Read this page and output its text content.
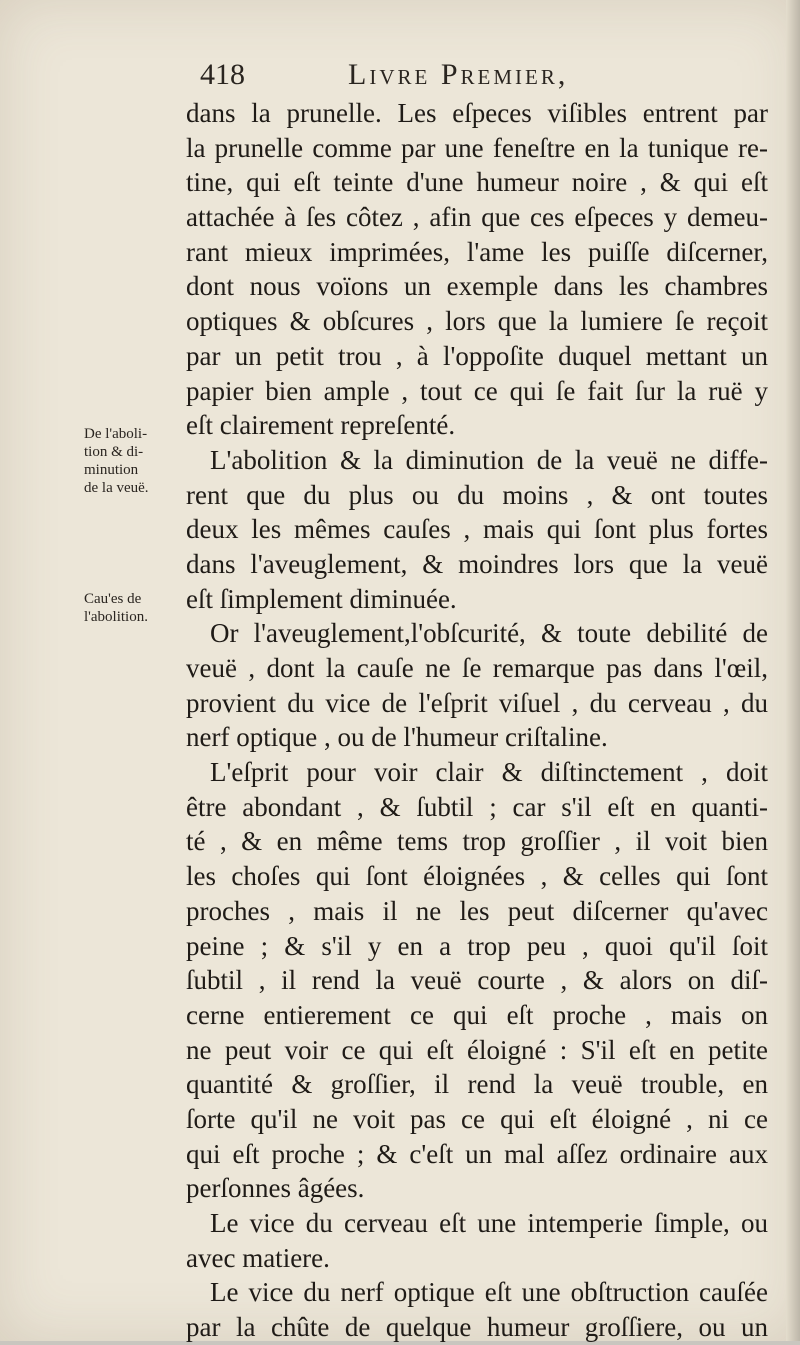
418	Livre Premier,
De l'aboli-
tion & di-
minution
de la veuë.
Cau'es de
l'abolition.
dans la prunelle. Les eſpeces viſibles entrent par
la prunelle comme par une feneſtre en la tunique re-
tine, qui eſt teinte d'une humeur noire , & qui eſt
attachée à ſes côtez , afin que ces eſpeces y demeu-
rant mieux imprimées, l'ame les puiſſe diſcerner,
dont nous voïons un exemple dans les chambres
optiques & obſcures , lors que la lumiere ſe reçoit
par un petit trou , à l'oppoſite duquel mettant un
papier bien ample , tout ce qui ſe fait ſur la ruë y
eſt clairement repreſenté.
L'abolition & la diminution de la veuë ne diffe-
rent que du plus ou du moins , & ont toutes
deux les mêmes cauſes , mais qui ſont plus fortes
dans l'aveuglement, & moindres lors que la veuë
eſt ſimplement diminuée.
Or l'aveuglement,l'obſcurité, & toute debilité de
veuë , dont la cauſe ne ſe remarque pas dans l'œil,
provient du vice de l'eſprit viſuel , du cerveau , du
nerf optique , ou de l'humeur criſtaline.
L'eſprit pour voir clair & diſtinctement , doit
être abondant , & ſubtil ; car s'il eſt en quanti-
té , & en même tems trop groſſier , il voit bien
les choſes qui ſont éloignées , & celles qui ſont
proches , mais il ne les peut diſcerner qu'avec
peine ; & s'il y en a trop peu , quoi qu'il ſoit
ſubtil , il rend la veuë courte , & alors on diſ-
cerne entierement ce qui eſt proche , mais on
ne peut voir ce qui eſt éloigné : S'il eſt en petite
quantité & groſſier, il rend la veuë trouble, en
ſorte qu'il ne voit pas ce qui eſt éloigné , ni ce
qui eſt proche ; & c'eſt un mal aſſez ordinaire aux
perſonnes âgées.
Le vice du cerveau eſt une intemperie ſimple, ou
avec matiere.
Le vice du nerf optique eſt une obſtruction cauſée
par la chûte de quelque humeur groſſiere, ou un
